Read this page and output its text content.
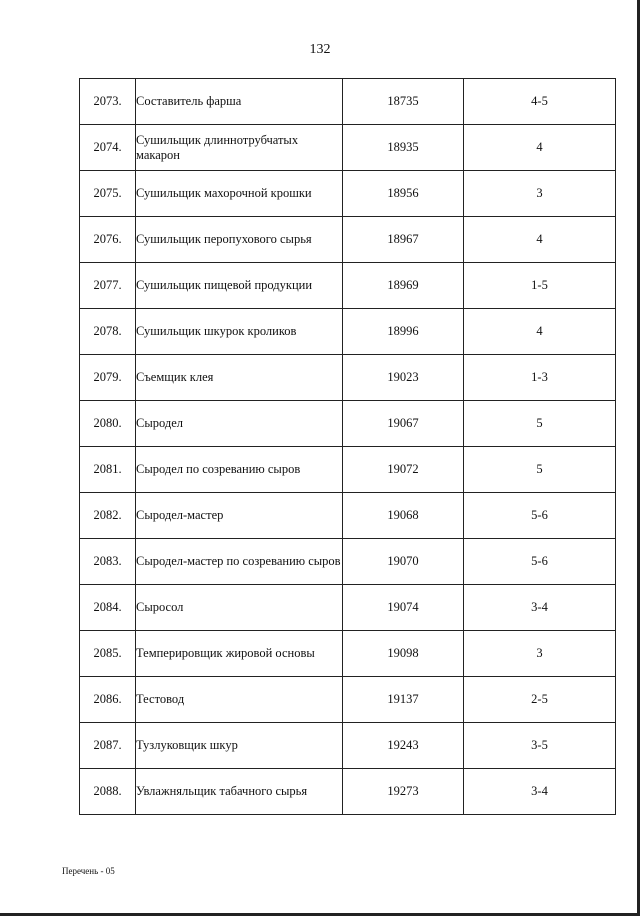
132
2073.	Составитель фарша	18735	4-5
2074.	Сушильщик длиннотрубчатых макарон	18935	4
2075.	Сушильщик махорочной крошки	18956	3
2076.	Сушильщик перопухового сырья	18967	4
2077.	Сушильщик пищевой продукции	18969	1-5
2078.	Сушильщик шкурок кроликов	18996	4
2079.	Съемщик клея	19023	1-3
2080.	Сыродел	19067	5
2081.	Сыродел по созреванию сыров	19072	5
2082.	Сыродел-мастер	19068	5-6
2083.	Сыродел-мастер по созреванию сыров	19070	5-6
2084.	Сыросол	19074	3-4
2085.	Темперировщик жировой основы	19098	3
2086.	Тестовод	19137	2-5
2087.	Тузлуковщик шкур	19243	3-5
2088.	Увлажняльщик табачного сырья	19273	3-4
Перечень - 05
